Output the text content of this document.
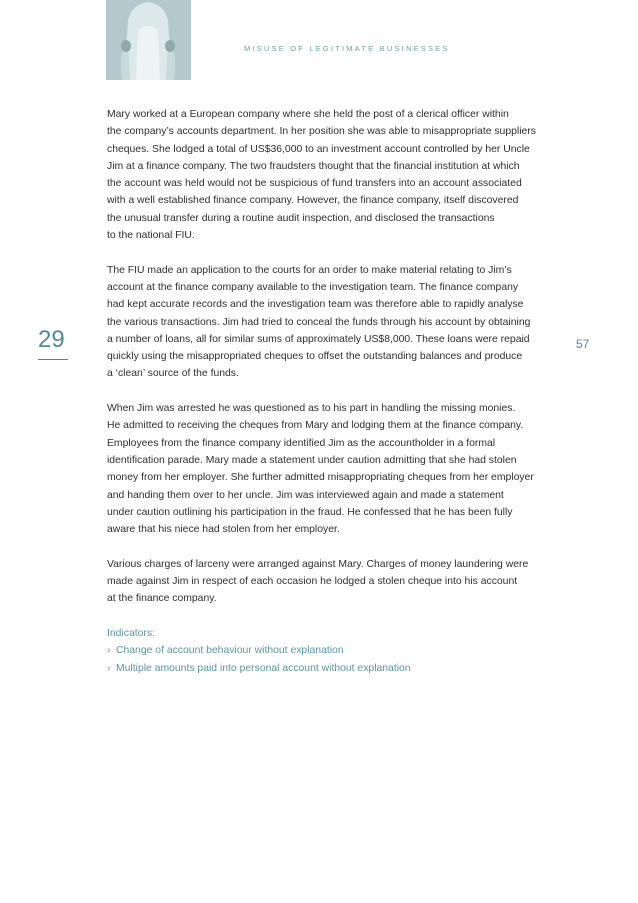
MISUSE OF LEGITIMATE BUSINESSES
29	57

Mary worked at a European company where she held the post of a clerical officer within
the company’s accounts department. In her position she was able to misappropriate suppliers
cheques. She lodged a total of US$36,000 to an investment account controlled by her Uncle
Jim at a finance company. The two fraudsters thought that the financial institution at which
the account was held would not be suspicious of fund transfers into an account associated
with a well established finance company. However, the finance company, itself discovered
the unusual transfer during a routine audit inspection, and disclosed the transactions
to the national FIU.

The FIU made an application to the courts for an order to make material relating to Jim’s
account at the finance company available to the investigation team. The finance company
had kept accurate records and the investigation team was therefore able to rapidly analyse
the various transactions. Jim had tried to conceal the funds through his account by obtaining
a number of loans, all for similar sums of approximately US$8,000. These loans were repaid
quickly using the misappropriated cheques to offset the outstanding balances and produce
a ‘clean’ source of the funds.

When Jim was arrested he was questioned as to his part in handling the missing monies.
He admitted to receiving the cheques from Mary and lodging them at the finance company.
Employees from the finance company identified Jim as the accountholder in a formal
identification parade. Mary made a statement under caution admitting that she had stolen
money from her employer. She further admitted misappropriating cheques from her employer
and handing them over to her uncle. Jim was interviewed again and made a statement
under caution outlining his participation in the fraud. He confessed that he has been fully
aware that his niece had stolen from her employer.

Various charges of larceny were arranged against Mary. Charges of money laundering were
made against Jim in respect of each occasion he lodged a stolen cheque into his account
at the finance company.

Indicators:
› Change of account behaviour without explanation
› Multiple amounts paid into personal account without explanation
